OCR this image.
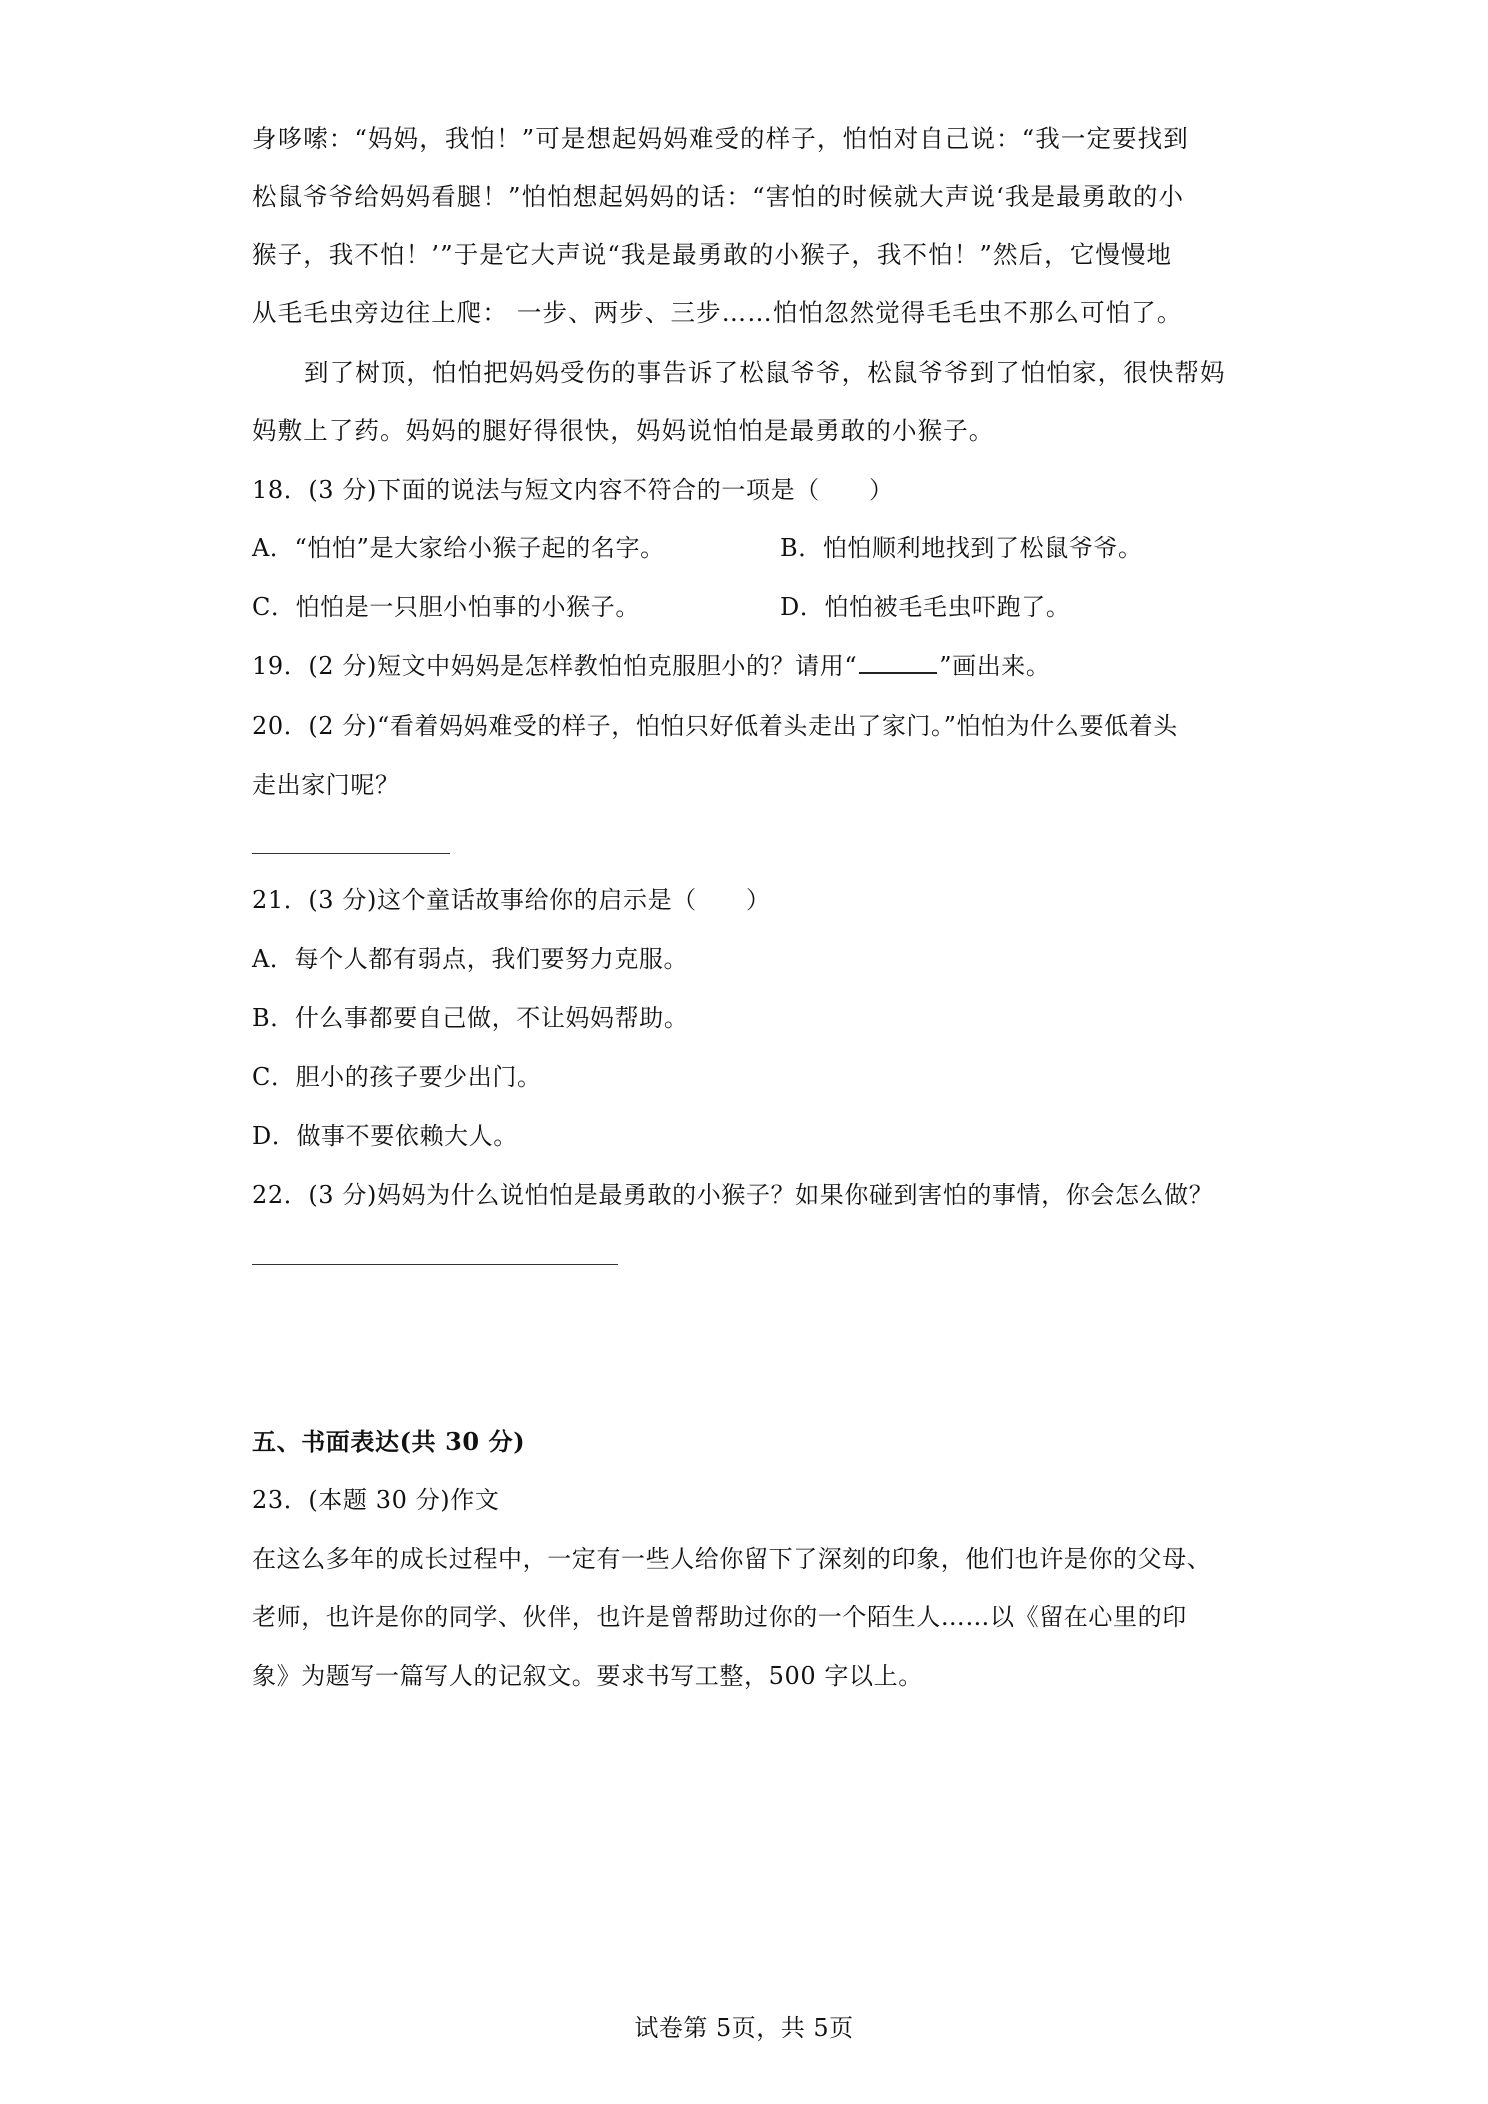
身哆嗦：“妈妈，我怕！”可是想起妈妈难受的样子，怕怕对自己说：“我一定要找到
松鼠爷爷给妈妈看腿！”怕怕想起妈妈的话：“害怕的时候就大声说‘我是最勇敢的小
猴子，我不怕！’”于是它大声说“我是最勇敢的小猴子，我不怕！”然后，它慢慢地
从毛毛虫旁边往上爬： 一步、两步、三步……怕怕忽然觉得毛毛虫不那么可怕了。
到了树顶，怕怕把妈妈受伤的事告诉了松鼠爷爷，松鼠爷爷到了怕怕家，很快帮妈
妈敷上了药。妈妈的腿好得很快，妈妈说怕怕是最勇敢的小猴子。
18．(3 分)下面的说法与短文内容不符合的一项是（　　）
A．“怕怕”是大家给小猴子起的名字。	B．怕怕顺利地找到了松鼠爷爷。
C．怕怕是一只胆小怕事的小猴子。	D．怕怕被毛毛虫吓跑了。
19．(2 分)短文中妈妈是怎样教怕怕克服胆小的？请用“	”画出来。
20．(2 分)“看着妈妈难受的样子，怕怕只好低着头走出了家门。”怕怕为什么要低着头
走出家门呢？
21．(3 分)这个童话故事给你的启示是（　　）
A．每个人都有弱点，我们要努力克服。
B．什么事都要自己做，不让妈妈帮助。
C．胆小的孩子要少出门。
D．做事不要依赖大人。
22．(3 分)妈妈为什么说怕怕是最勇敢的小猴子？如果你碰到害怕的事情，你会怎么做？
五、书面表达(共 30 分)
23．(本题 30 分)作文
在这么多年的成长过程中，一定有一些人给你留下了深刻的印象，他们也许是你的父母、
老师，也许是你的同学、伙伴，也许是曾帮助过你的一个陌生人……以《留在心里的印
象》为题写一篇写人的记叙文。要求书写工整，500 字以上。
试卷第 5页，共 5页
